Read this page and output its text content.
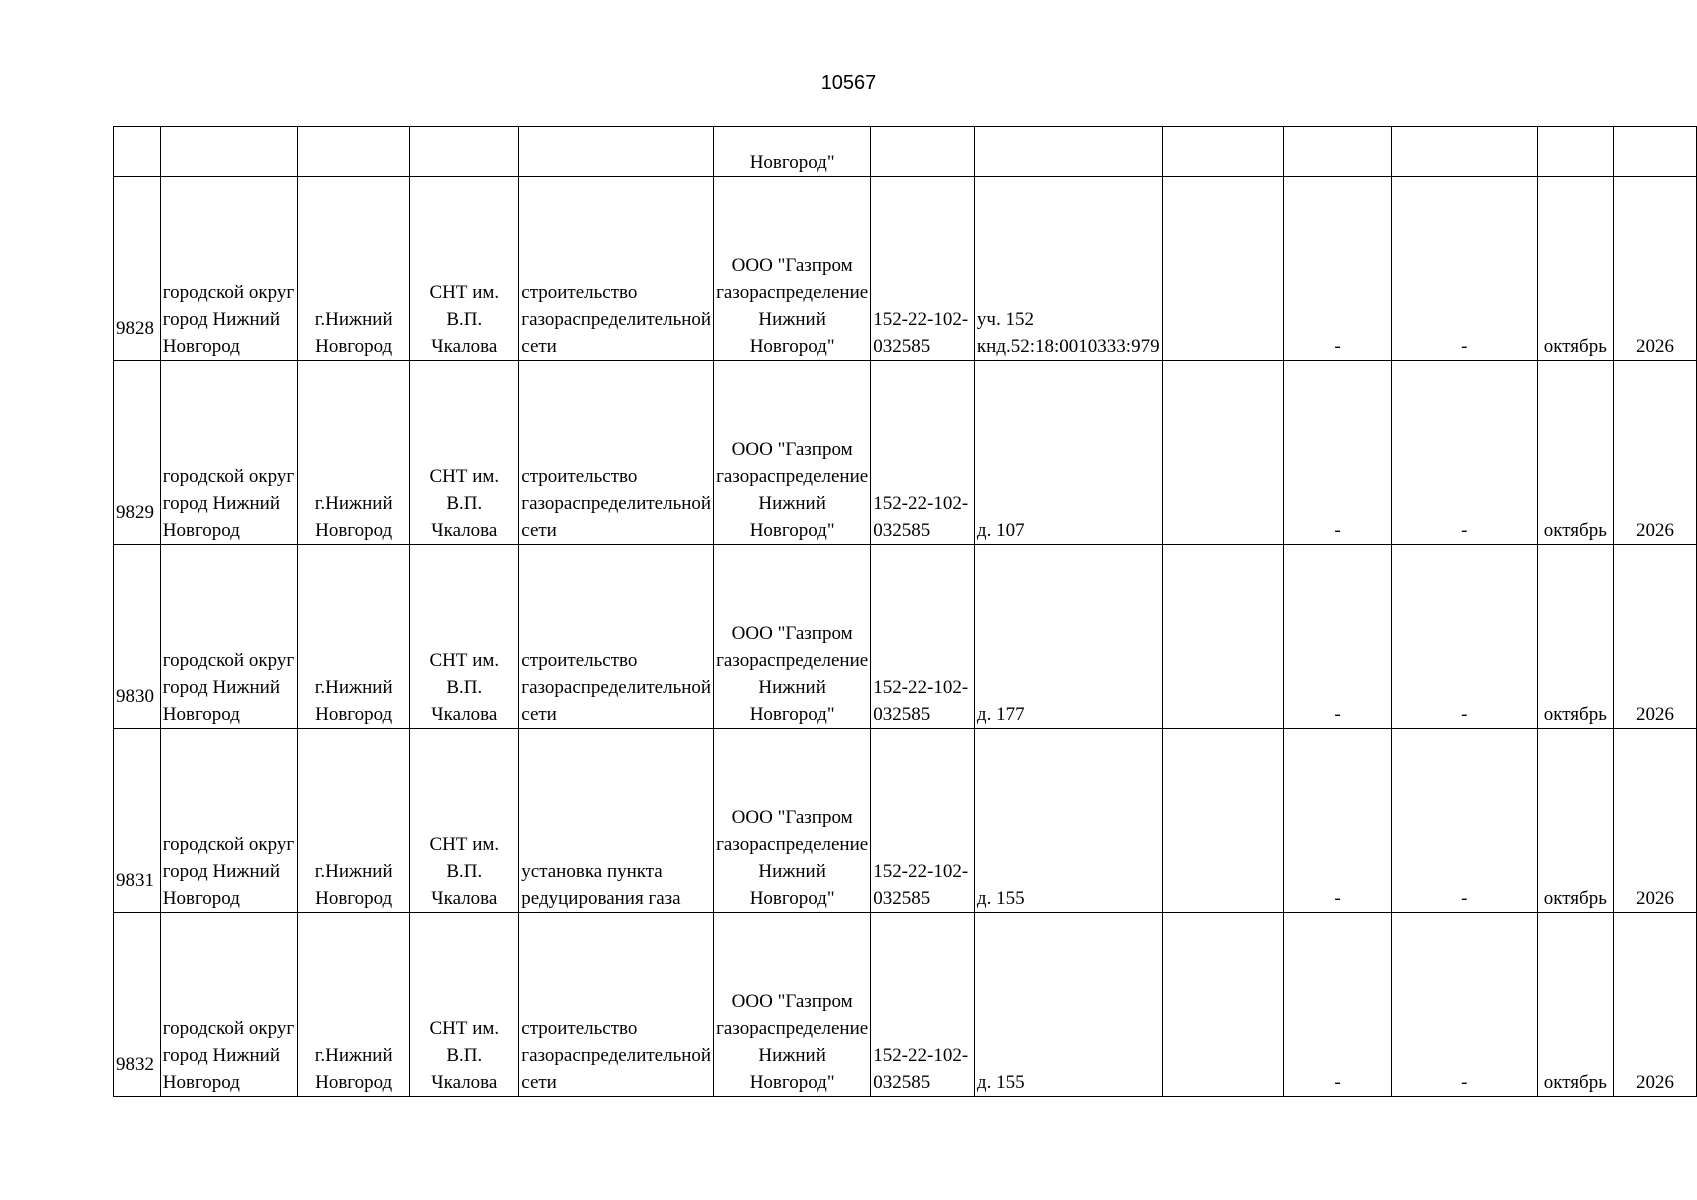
10567
					Новгород"							
9828	городской округ город Нижний Новгород	г.Нижний Новгород	СНТ им. В.П. Чкалова	строительство газораспределительной сети	ООО "Газпром газораспределение Нижний Новгород"	152-22-102-032585	уч. 152 кнд.52:18:0010333:979		-	-	октябрь	2026
9829	городской округ город Нижний Новгород	г.Нижний Новгород	СНТ им. В.П. Чкалова	строительство газораспределительной сети	ООО "Газпром газораспределение Нижний Новгород"	152-22-102-032585	д. 107		-	-	октябрь	2026
9830	городской округ город Нижний Новгород	г.Нижний Новгород	СНТ им. В.П. Чкалова	строительство газораспределительной сети	ООО "Газпром газораспределение Нижний Новгород"	152-22-102-032585	д. 177		-	-	октябрь	2026
9831	городской округ город Нижний Новгород	г.Нижний Новгород	СНТ им. В.П. Чкалова	установка пункта редуцирования газа	ООО "Газпром газораспределение Нижний Новгород"	152-22-102-032585	д. 155		-	-	октябрь	2026
9832	городской округ город Нижний Новгород	г.Нижний Новгород	СНТ им. В.П. Чкалова	строительство газораспределительной сети	ООО "Газпром газораспределение Нижний Новгород"	152-22-102-032585	д. 155		-	-	октябрь	2026
